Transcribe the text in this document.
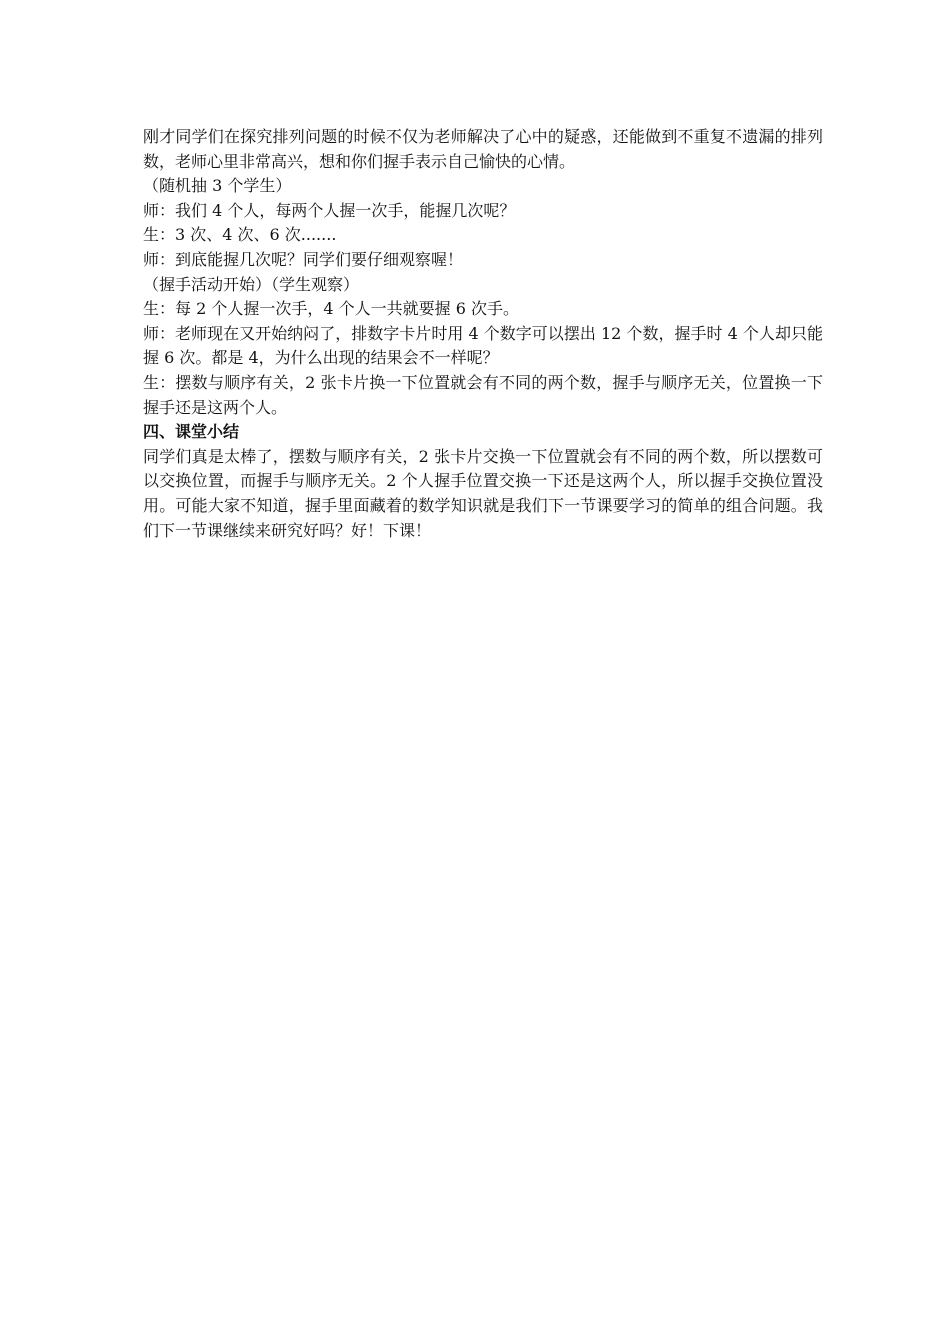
刚才同学们在探究排列问题的时候不仅为老师解决了心中的疑惑，还能做到不重复不遗漏的排列数，老师心里非常高兴，想和你们握手表示自己愉快的心情。

（随机抽 3 个学生）

师：我们 4 个人，每两个人握一次手，能握几次呢？

生：3 次、4 次、6 次.......

师：到底能握几次呢？同学们要仔细观察喔！

（握手活动开始）（学生观察）

生：每 2 个人握一次手，4 个人一共就要握 6 次手。

师：老师现在又开始纳闷了，排数字卡片时用 4 个数字可以摆出 12 个数，握手时 4 个人却只能握 6 次。都是 4，为什么出现的结果会不一样呢？

生：摆数与顺序有关，2 张卡片换一下位置就会有不同的两个数，握手与顺序无关，位置换一下握手还是这两个人。

四、课堂小结

同学们真是太棒了，摆数与顺序有关，2 张卡片交换一下位置就会有不同的两个数，所以摆数可以交换位置，而握手与顺序无关。2 个人握手位置交换一下还是这两个人，所以握手交换位置没用。可能大家不知道，握手里面藏着的数学知识就是我们下一节课要学习的简单的组合问题。我们下一节课继续来研究好吗？好！下课！
